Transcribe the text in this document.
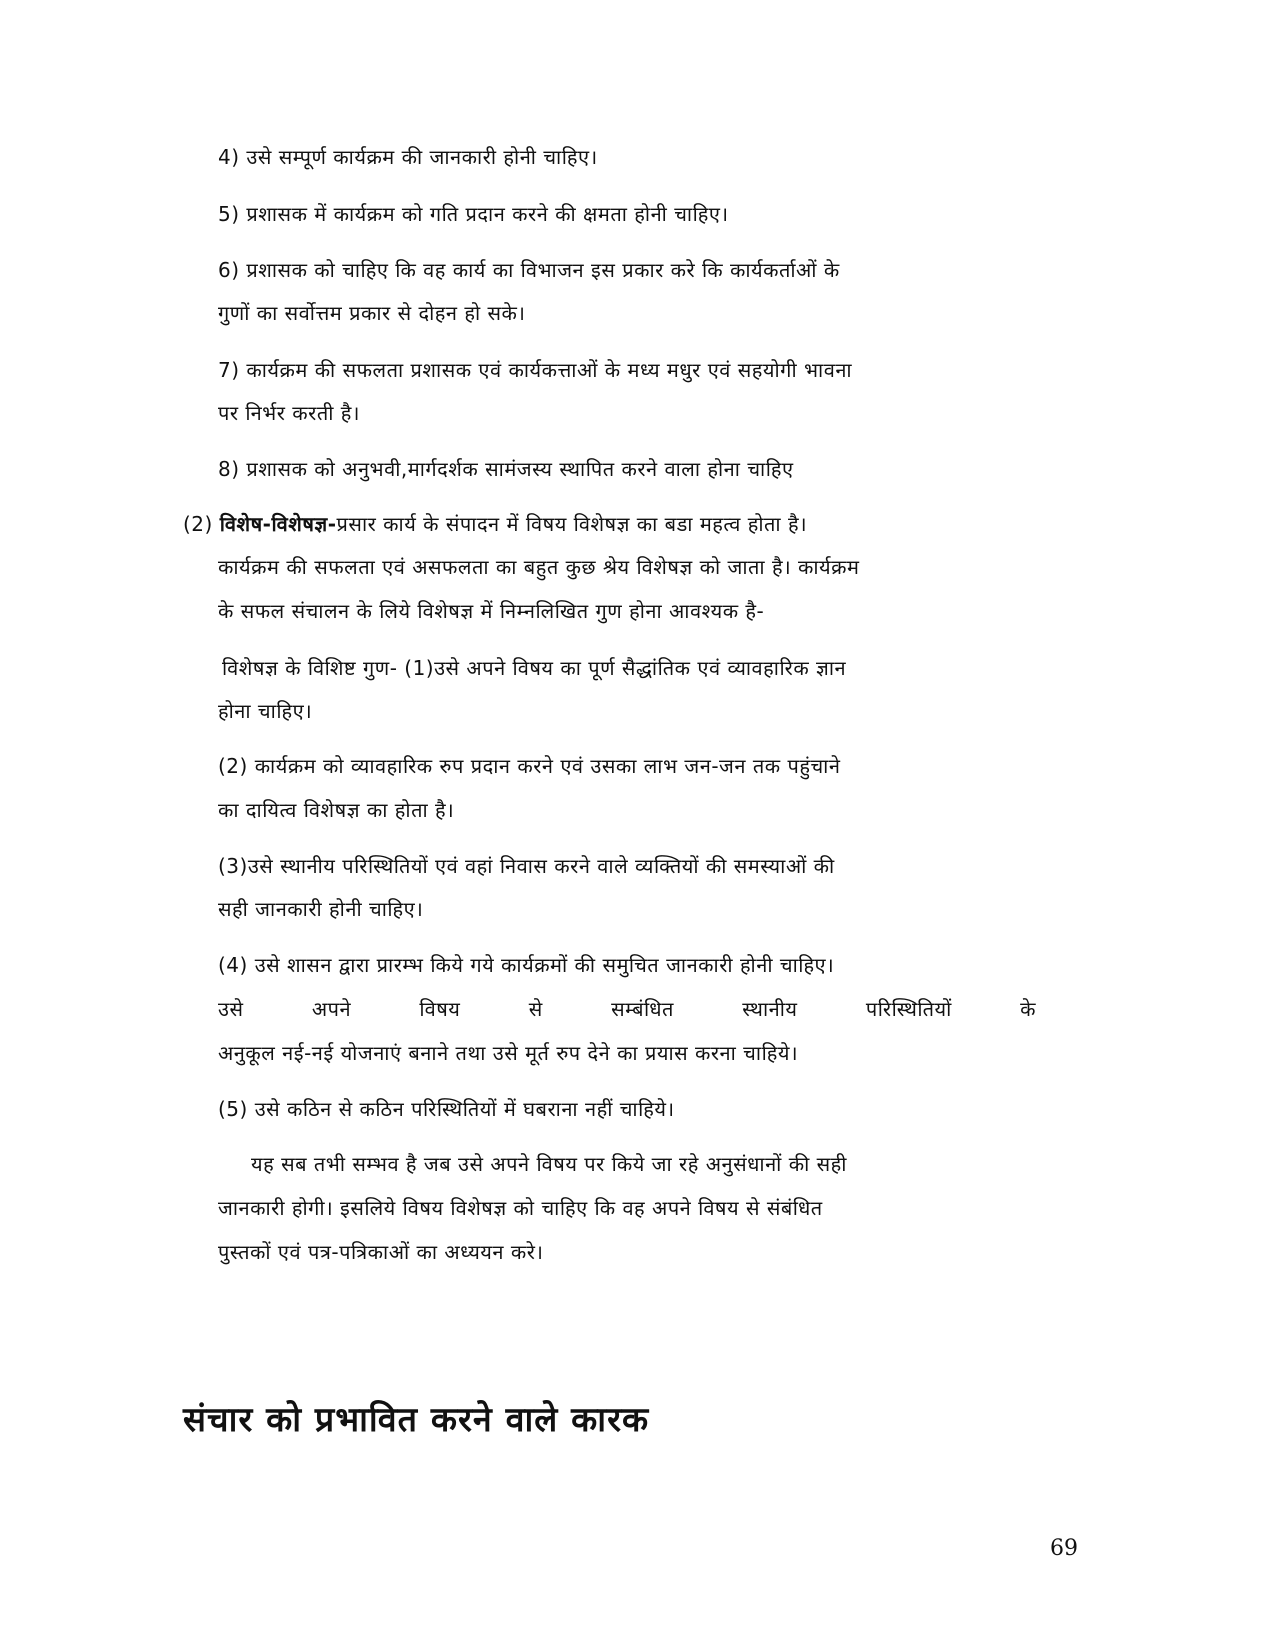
4) उसे सम्पूर्ण कार्यक्रम की जानकारी होनी चाहिए।
5) प्रशासक में कार्यक्रम को गति प्रदान करने की क्षमता होनी चाहिए।
6) प्रशासक को चाहिए कि वह कार्य का विभाजन इस प्रकार करे कि कार्यकर्ताओं के
गुणों का सर्वोत्तम प्रकार से दोहन हो सके।
7) कार्यक्रम की सफलता प्रशासक एवं कार्यकत्ताओं के मध्य मधुर एवं सहयोगी भावना
पर निर्भर करती है।
8) प्रशासक को अनुभवी,मार्गदर्शक सामंजस्य स्थापित करने वाला होना चाहिए
(2) विशेष-विशेषज्ञ-प्रसार कार्य के संपादन में विषय विशेषज्ञ का बडा महत्व होता है।
कार्यक्रम की सफलता एवं असफलता का बहुत कुछ श्रेय विशेषज्ञ को जाता है। कार्यक्रम
के सफल संचालन के लिये विशेषज्ञ में निम्नलिखित गुण होना आवश्यक है-
विशेषज्ञ के विशिष्ट गुण- (1)उसे अपने विषय का पूर्ण सैद्धांतिक एवं व्यावहारिक ज्ञान
होना चाहिए।
(2) कार्यक्रम को व्यावहारिक रुप प्रदान करने एवं उसका लाभ जन-जन तक पहुंचाने
का दायित्व विशेषज्ञ का होता है।
(3)उसे स्थानीय परिस्थितियों एवं वहां निवास करने वाले व्यक्तियों की समस्याओं की
सही जानकारी होनी चाहिए।
(4) उसे शासन द्वारा प्रारम्भ किये गये कार्यक्रमों की समुचित जानकारी होनी चाहिए।
उसे	अपने	विषय	से	सम्बंधित	स्थानीय	परिस्थितियों	के
अनुकूल नई-नई योजनाएं बनाने तथा उसे मूर्त रुप देने का प्रयास करना चाहिये।
(5) उसे कठिन से कठिन परिस्थितियों में घबराना नहीं चाहिये।
यह सब तभी सम्भव है जब उसे अपने विषय पर किये जा रहे अनुसंधानों की सही
जानकारी होगी। इसलिये विषय विशेषज्ञ को चाहिए कि वह अपने विषय से संबंधित
पुस्तकों एवं पत्र-पत्रिकाओं का अध्ययन करे।
संचार को प्रभावित करने वाले कारक
69
